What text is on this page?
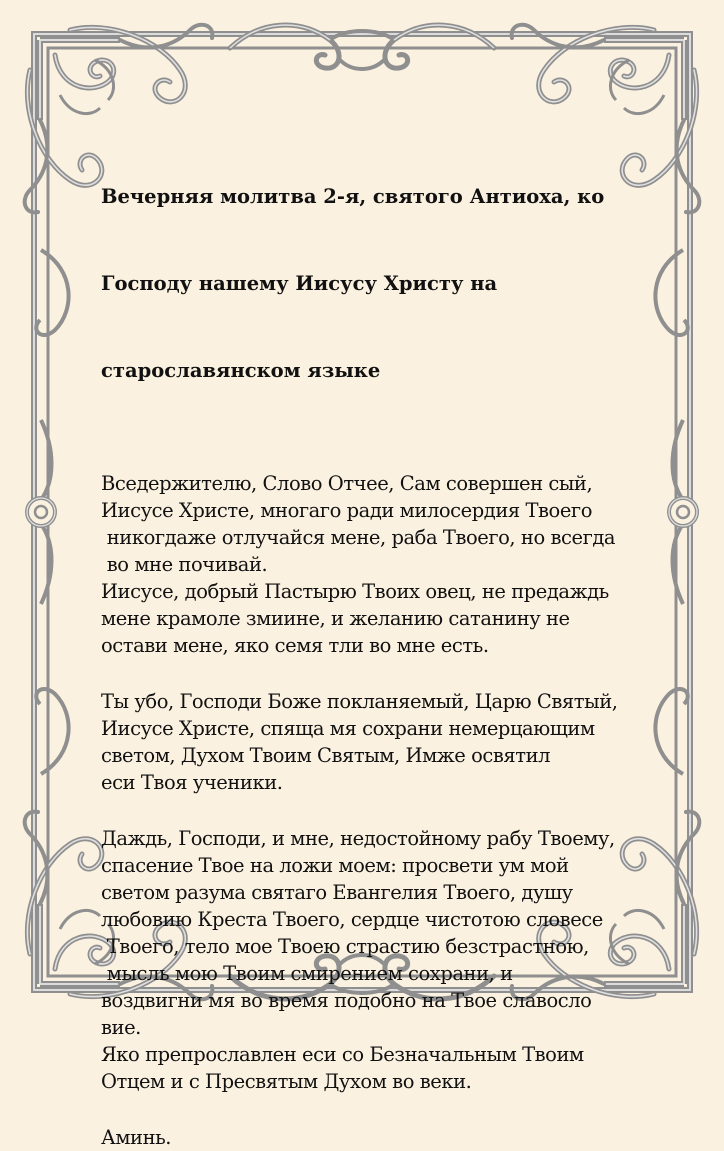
Вечерняя молитва 2-я, святого Антиоха, ко

Господу нашему Иисусу Христу на

старославянском языке

Вседержителю, Слово Отчее, Сам совершен сый,
Иисусе Христе, многаго ради милосердия Твоего
никогдаже отлучайся мене, раба Твоего, но всегда
во мне почивай.
Иисусе, добрый Пастырю Твоих овец, не предаждь
мене крамоле змиине, и желанию сатанину не
остави мене, яко семя тли во мне есть.
Ты убо, Господи Боже покланяемый, Царю Святый,
Иисусе Христе, спяща мя сохрани немерцающим
светом, Духом Твоим Святым, Имже освятил
еси Твоя ученики.
Даждь, Господи, и мне, недостойному рабу Твоему,
спасение Твое на ложи моем: просвети ум мой
светом разума святаго Евангелия Твоего, душу
любовию Креста Твоего, сердце чистотою словесе
Твоего, тело мое Твоею страстию безстрастною,
мысль мою Твоим смирением сохрани, и
воздвигни мя во время подобно на Твое славосло
вие.
Яко препрославлен еси со Безначальным Твоим
Отцем и с Пресвятым Духом во веки.
Аминь.
